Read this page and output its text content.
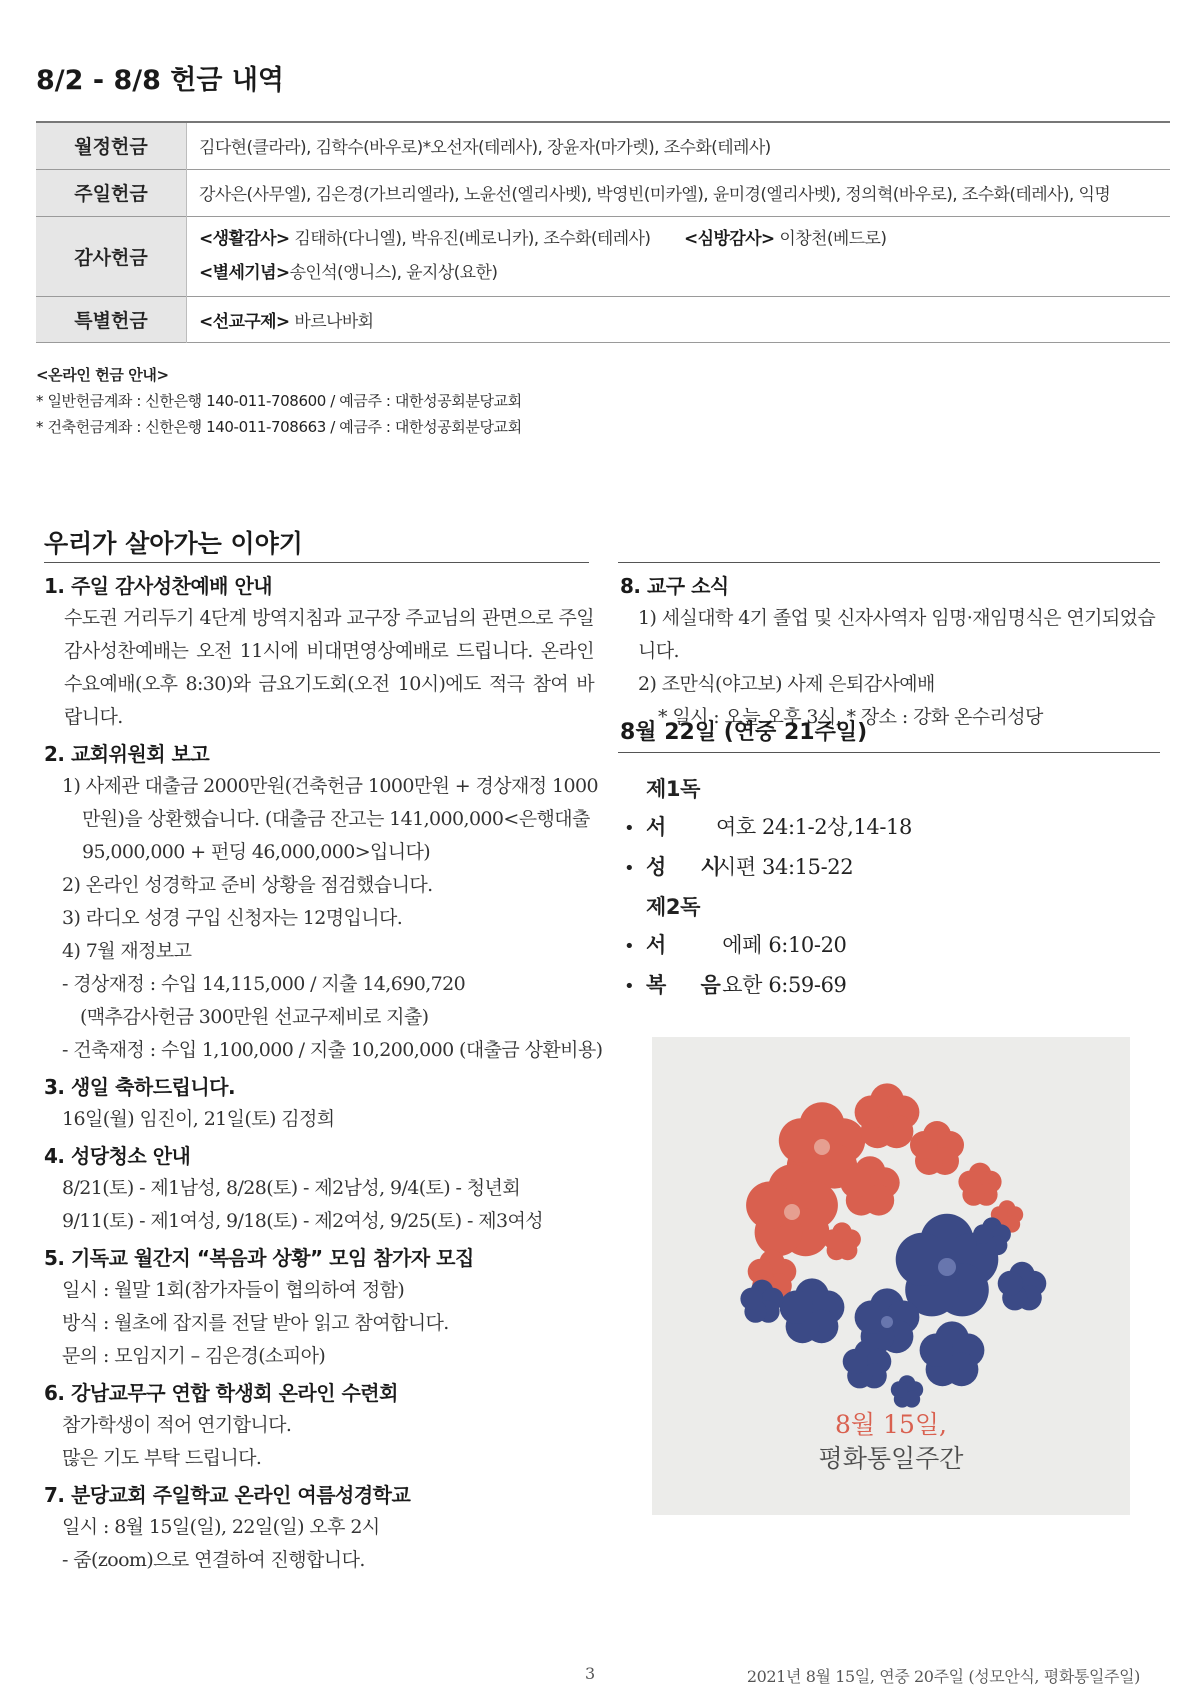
8/2 - 8/8 헌금 내역
월정헌금	김다현(클라라), 김학수(바우로)*오선자(테레사), 장윤자(마가렛), 조수화(테레사)
주일헌금	강사은(사무엘), 김은경(가브리엘라), 노윤선(엘리사벳), 박영빈(미카엘), 윤미경(엘리사벳), 정의혁(바우로), 조수화(테레사), 익명
감사헌금	<생활감사> 김태하(다니엘), 박유진(베로니카), 조수화(테레사) <심방감사> 이창천(베드로)
<별세기념> 송인석(앵니스), 윤지상(요한)

특별헌금	<선교구제> 바르나바회
<온라인 헌금 안내>
* 일반헌금계좌 : 신한은행 140-011-708600 / 예금주 : 대한성공회분당교회
* 건축헌금계좌 : 신한은행 140-011-708663 / 예금주 : 대한성공회분당교회
우리가 살아가는 이야기
1. 주일 감사성찬예배 안내
수도권 거리두기 4단계 방역지침과 교구장 주교님의 관면으로 주일감사성찬예배는 오전 11시에 비대면영상예배로 드립니다. 온라인 수요예배(오후 8:30)와 금요기도회(오전 10시)에도 적극 참여 바랍니다.
2. 교회위원회 보고
1) 사제관 대출금 2000만원(건축헌금 1000만원 + 경상재정 1000
만원)을 상환했습니다. (대출금 잔고는 141,000,000<은행대출
95,000,000 + 펀딩 46,000,000>입니다)
2) 온라인 성경학교 준비 상황을 점검했습니다.
3) 라디오 성경 구입 신청자는 12명입니다.
4) 7월 재정보고
- 경상재정 : 수입 14,115,000 / 지출 14,690,720
(맥추감사헌금 300만원 선교구제비로 지출)
- 건축재정 : 수입 1,100,000 / 지출 10,200,000 (대출금 상환비용)
3. 생일 축하드립니다.
16일(월) 임진이, 21일(토) 김정희
4. 성당청소 안내
8/21(토) - 제1남성, 8/28(토) - 제2남성, 9/4(토) - 청년회
9/11(토) - 제1여성, 9/18(토) - 제2여성, 9/25(토) - 제3여성
5. 기독교 월간지 “복음과 상황” 모임 참가자 모집
일시 : 월말 1회(참가자들이 협의하여 정함)
방식 : 월초에 잡지를 전달 받아 읽고 참여합니다.
문의 : 모임지기 – 김은경(소피아)
6. 강남교무구 연합 학생회 온라인 수련회
참가학생이 적어 연기합니다.
많은 기도 부탁 드립니다.
7. 분당교회 주일학교 온라인 여름성경학교
일시 : 8월 15일(일), 22일(일) 오후 2시
- 줌(zoom)으로 연결하여 진행합니다.
8. 교구 소식
1) 세실대학 4기 졸업 및 신자사역자 임명·재임명식은 연기되었습니다.
2) 조만식(야고보) 사제 은퇴감사예배
* 일시 : 오늘 오후 3시, * 장소 : 강화 온수리성당
8월 22일 (연중 21주일)
•제1독서 여호 24:1-2상,14-18
• 성     시시편 34:15-22
•제2독서 에페 6:10-20
• 복     음 요한 6:59-69
8월 15일,
평화통일주간
3	2021년 8월 15일, 연중 20주일 (성모안식, 평화통일주일)
